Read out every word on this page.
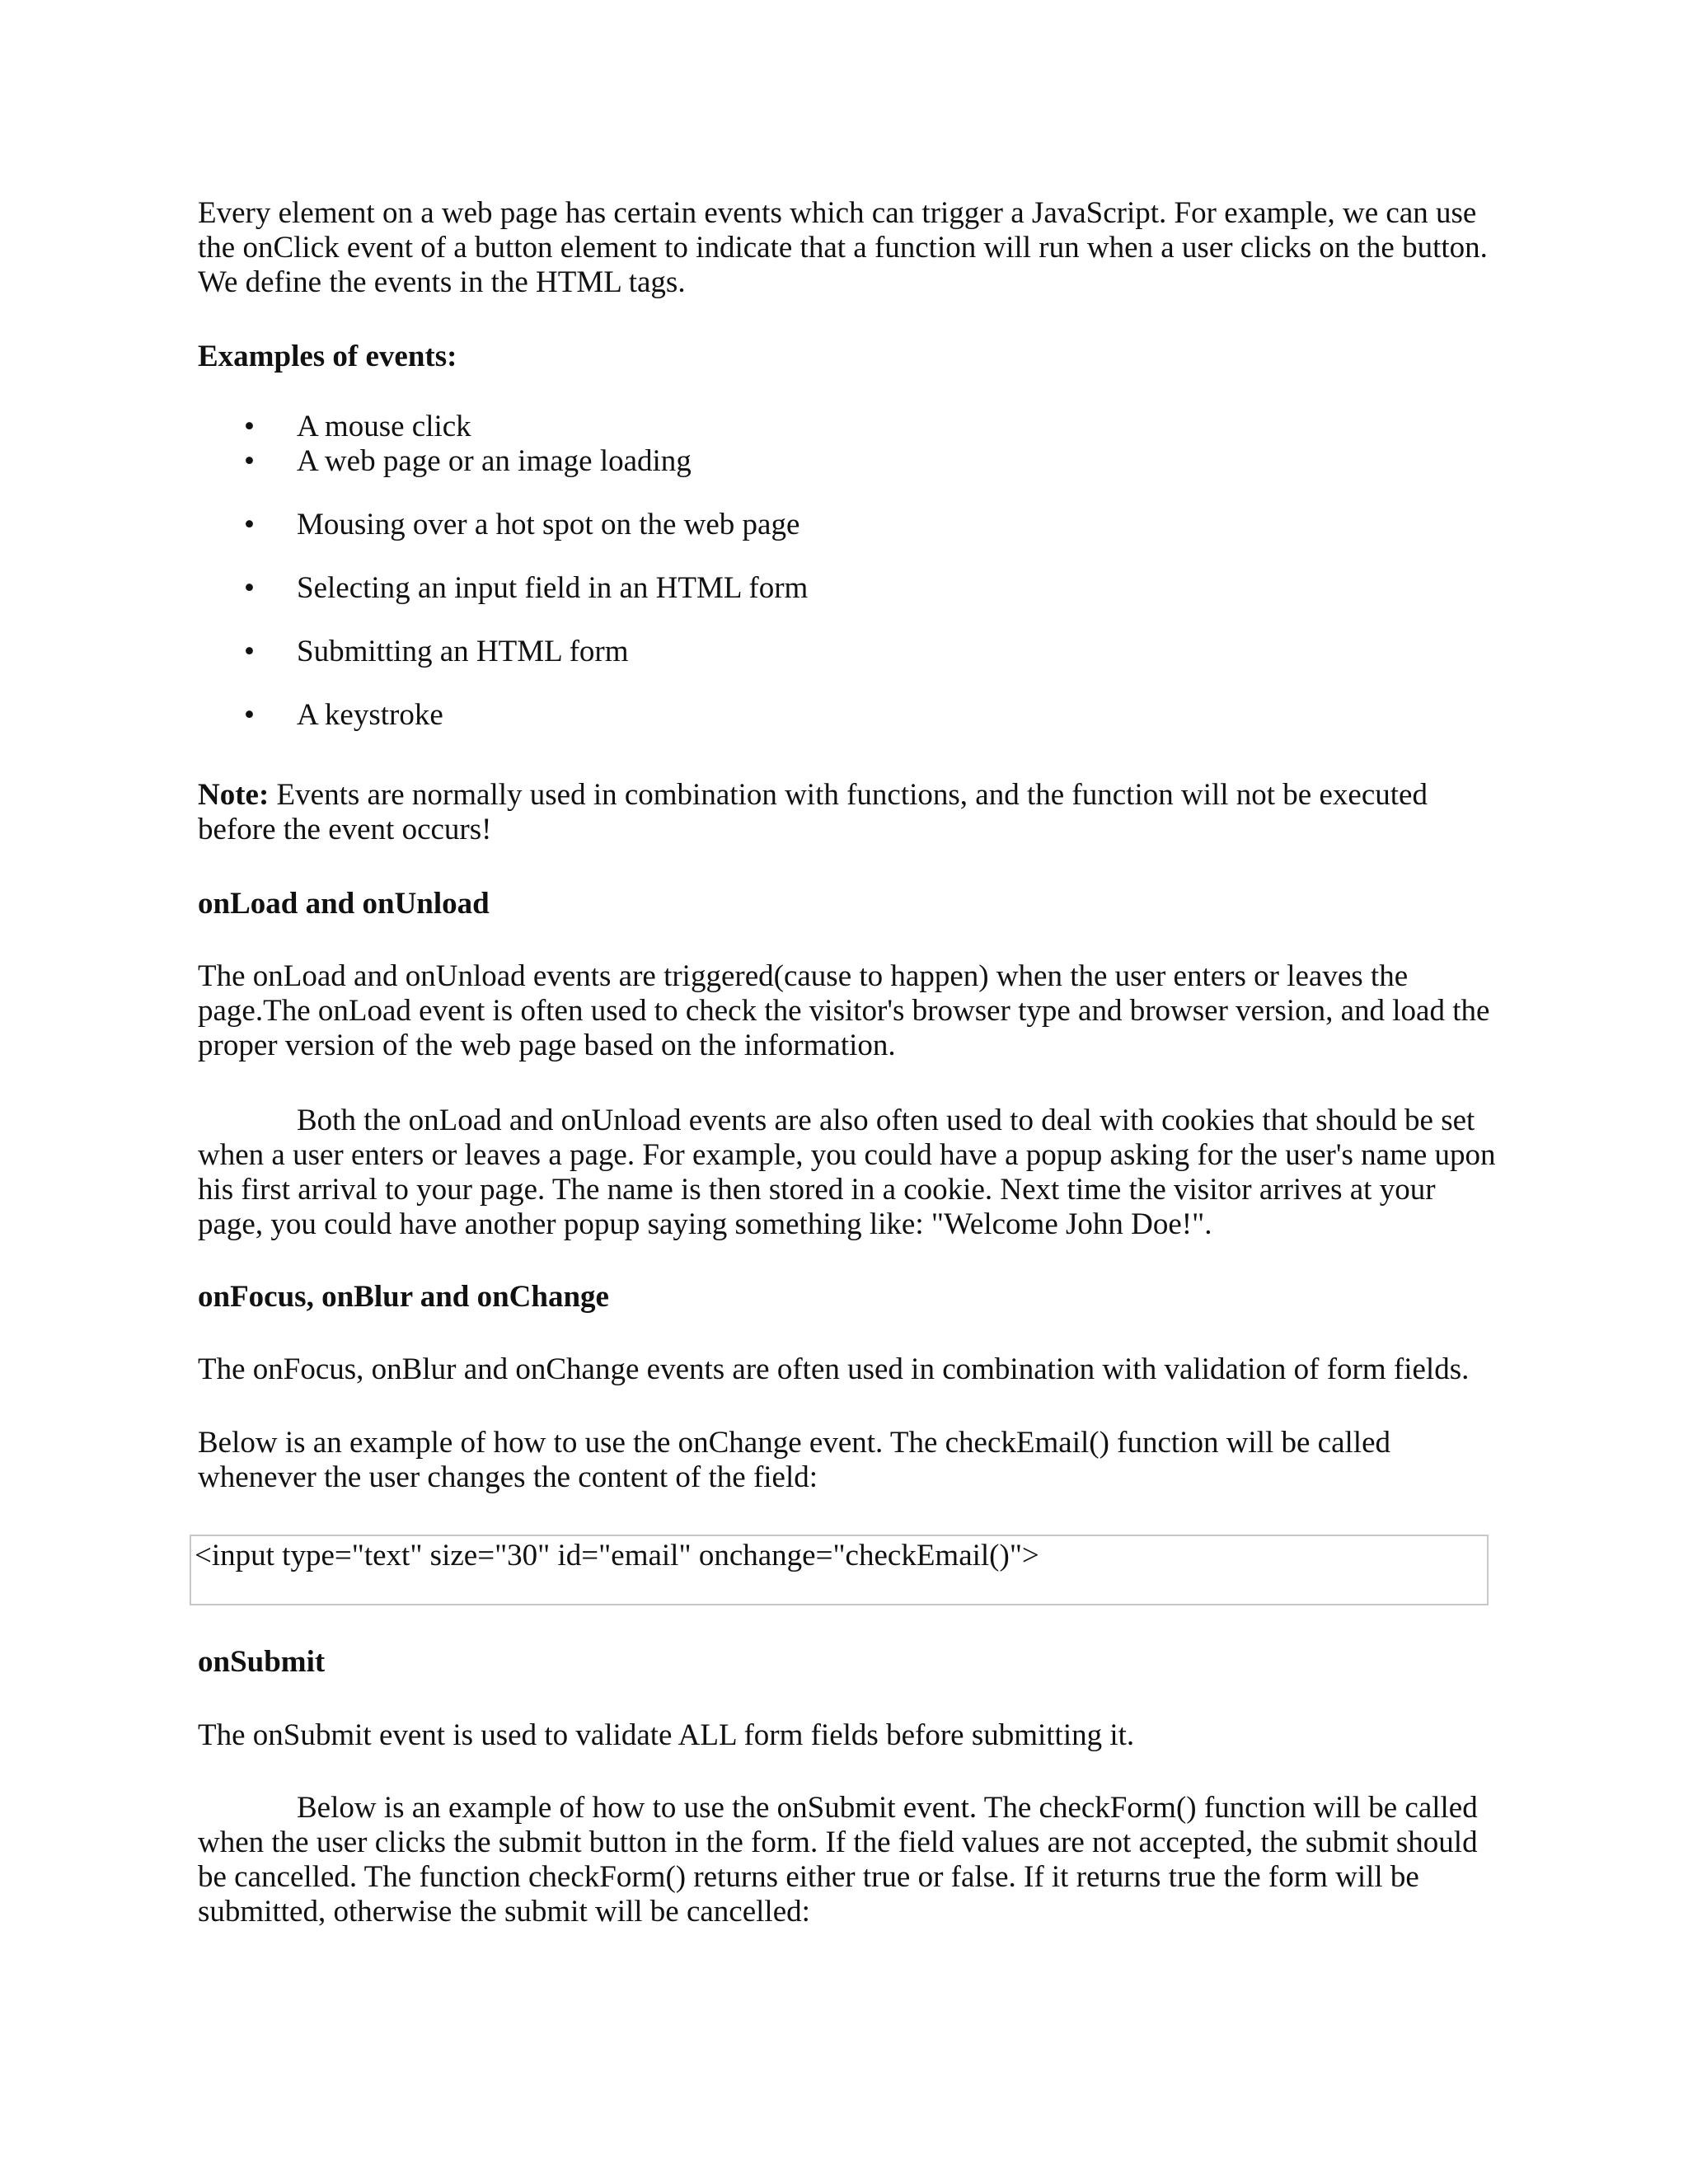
Every element on a web page has certain events which can trigger a JavaScript. For example, we can use the onClick event of a button element to indicate that a function will run when a user clicks on the button. We define the events in the HTML tags.

Examples of events:

• A mouse click
• A web page or an image loading
• Mousing over a hot spot on the web page
• Selecting an input field in an HTML form
• Submitting an HTML form
• A keystroke

Note: Events are normally used in combination with functions, and the function will not be executed before the event occurs!

onLoad and onUnload

The onLoad and onUnload events are triggered(cause to happen) when the user enters or leaves the page.The onLoad event is often used to check the visitor's browser type and browser version, and load the proper version of the web page based on the information.

Both the onLoad and onUnload events are also often used to deal with cookies that should be set when a user enters or leaves a page. For example, you could have a popup asking for the user's name upon his first arrival to your page. The name is then stored in a cookie. Next time the visitor arrives at your page, you could have another popup saying something like: "Welcome John Doe!".

onFocus, onBlur and onChange

The onFocus, onBlur and onChange events are often used in combination with validation of form fields.

Below is an example of how to use the onChange event. The checkEmail() function will be called whenever the user changes the content of the field:

<input type="text" size="30" id="email" onchange="checkEmail()">

onSubmit

The onSubmit event is used to validate ALL form fields before submitting it.

Below is an example of how to use the onSubmit event. The checkForm() function will be called when the user clicks the submit button in the form. If the field values are not accepted, the submit should be cancelled. The function checkForm() returns either true or false. If it returns true the form will be submitted, otherwise the submit will be cancelled:
